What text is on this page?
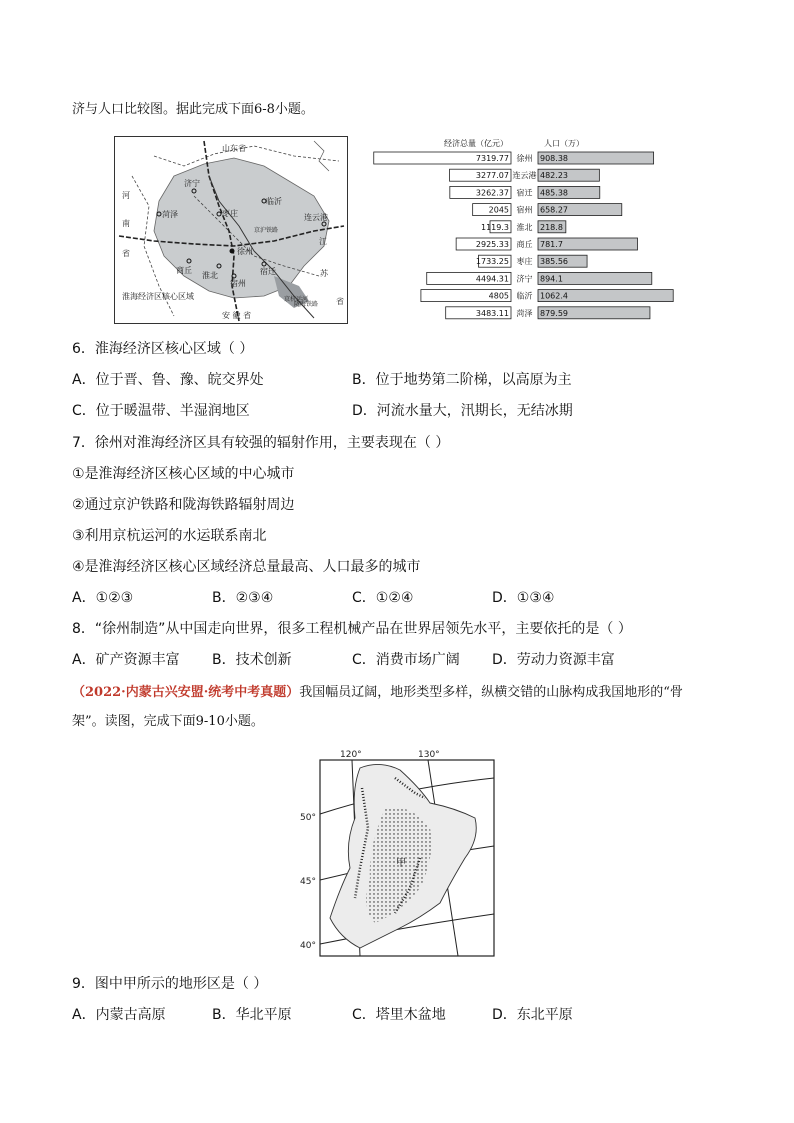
济与人口比较图。据此完成下面6-8小题。
山东省
河
南
省
江
苏
省
安 徽 省
菏泽
济宁
临沂
枣庄	连云港
徐州
商丘
淮北
宿州
宿迁
淮海经济区核心区域	京杭运河
京沪铁路
陇海铁路
经济总量（亿元）	人口（万）
7319.77 徐州 908.38
3277.07 连云港 482.23
3262.37 宿迁 485.38
2045 宿州 658.27
1119.3 淮北 218.8
2925.33 商丘 781.7
1733.25 枣庄 385.56
4494.31 济宁 894.1
4805 临沂 1062.4
3483.11 菏泽 879.59
6．淮海经济区核心区域（ ）
A．位于晋、鲁、豫、皖交界处	B．位于地势第二阶梯，以高原为主
C．位于暖温带、半湿润地区	D．河流水量大，汛期长，无结冰期
7．徐州对淮海经济区具有较强的辐射作用，主要表现在（ ）
①是淮海经济区核心区域的中心城市
②通过京沪铁路和陇海铁路辐射周边
③利用京杭运河的水运联系南北
④是淮海经济区核心区域经济总量最高、人口最多的城市
A．①②③	B．②③④	C．①②④	D．①③④
8．“徐州制造”从中国走向世界，很多工程机械产品在世界居领先水平，主要依托的是（ ）
A．矿产资源丰富 B．技术创新	C．消费市场广阔 D．劳动力资源丰富
（2022·内蒙古兴安盟·统考中考真题）我国幅员辽阔，地形类型多样，纵横交错的山脉构成我国地形的“骨
架”。读图，完成下面9-10小题。
甲
120°	130°
50°
45°
40°
9．图中甲所示的地形区是（ ）
A．内蒙古高原	B．华北平原	C．塔里木盆地	D．东北平原
